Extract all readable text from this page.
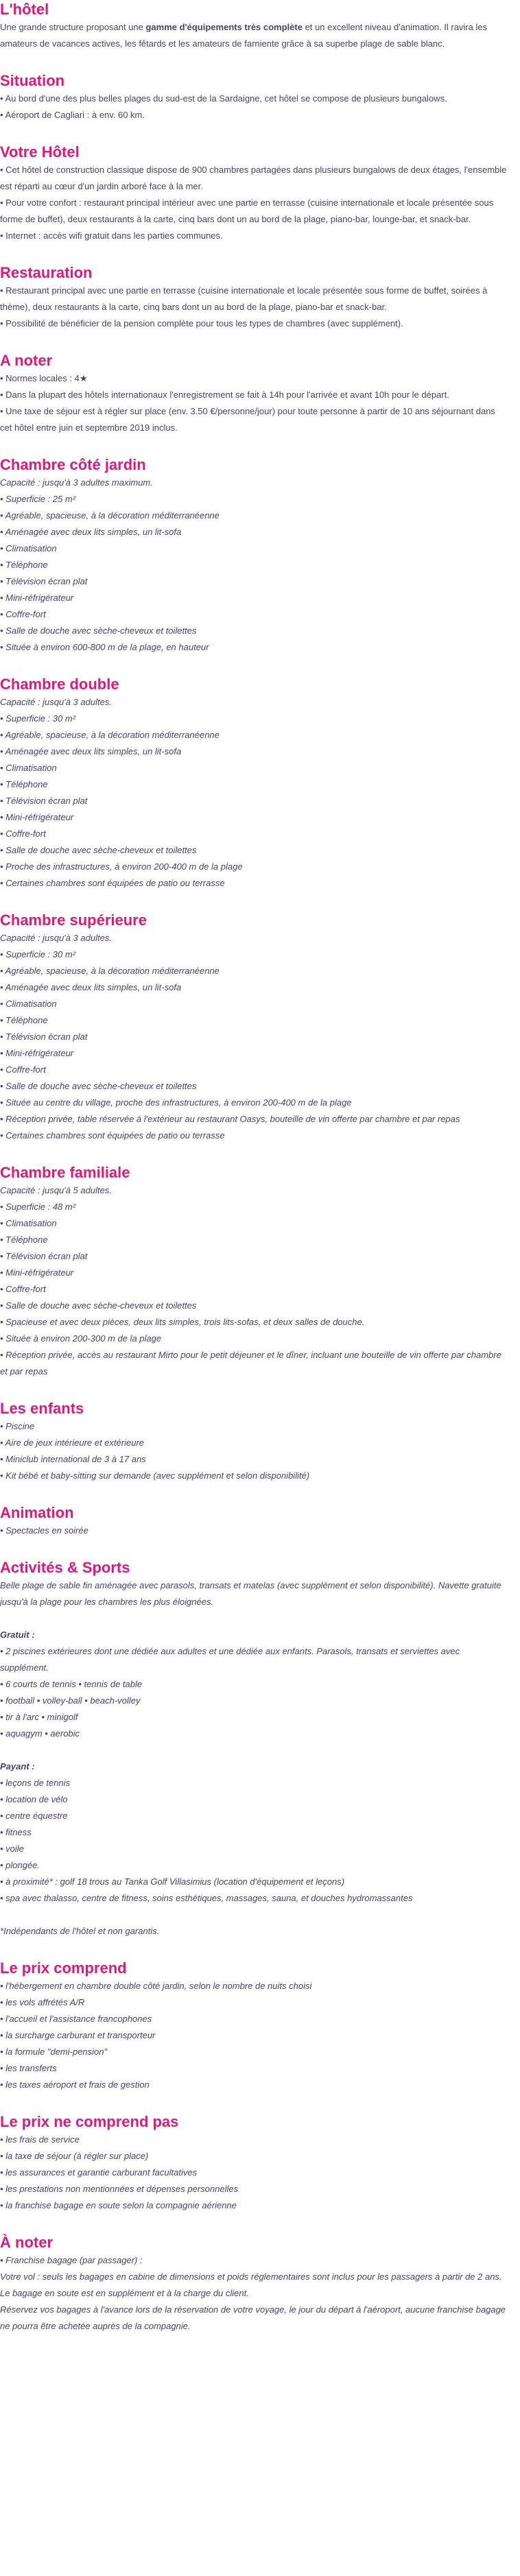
L'hôtel

Une grande structure proposant une gamme d'équipements très complète et un excellent niveau d'animation. Il ravira les amateurs de vacances actives, les fêtards et les amateurs de farniente grâce à sa superbe plage de sable blanc.

Situation
• Au bord d'une des plus belles plages du sud-est de la Sardaigne, cet hôtel se compose de plusieurs bungalows.
• Aéroport de Cagliari : à env. 60 km.
Votre Hôtel
• Cet hôtel de construction classique dispose de 900 chambres partagées dans plusieurs bungalows de deux étages, l'ensemble est réparti au cœur d'un jardin arboré face à la mer.
• Pour votre confort : restaurant principal intérieur avec une partie en terrasse (cuisine internationale et locale présentée sous forme de buffet), deux restaurants à la carte, cinq bars dont un au bord de la plage, piano-bar, lounge-bar, et snack-bar.
• Internet : accès wifi gratuit dans les parties communes.
Restauration
• Restaurant principal avec une partie en terrasse (cuisine internationale et locale présentée sous forme de buffet, soirées à thème), deux restaurants à la carte, cinq bars dont un au bord de la plage, piano-bar et snack-bar.
• Possibilité de bénéficier de la pension complète pour tous les types de chambres (avec supplément).
A noter
• Normes locales : 4★
• Dans la plupart des hôtels internationaux l'enregistrement se fait à 14h pour l'arrivée et avant 10h pour le départ.
• Une taxe de séjour est à régler sur place (env. 3.50 €/personne/jour) pour toute personne à partir de 10 ans séjournant dans cet hôtel entre juin et septembre 2019 inclus.
Chambre côté jardin
Capacité : jusqu'à 3 adultes maximum.
• Superficie : 25 m²
• Agréable, spacieuse, à la décoration méditerranéenne
• Aménagée avec deux lits simples, un lit-sofa
• Climatisation
• Téléphone
• Télévision écran plat
• Mini-réfrigérateur
• Coffre-fort
• Salle de douche avec sèche-cheveux et toilettes
• Située à environ 600-800 m de la plage, en hauteur
Chambre double
Capacité : jusqu'à 3 adultes.
• Superficie : 30 m²
• Agréable, spacieuse, à la décoration méditerranéenne
• Aménagée avec deux lits simples, un lit-sofa
• Climatisation
• Téléphone
• Télévision écran plat
• Mini-réfrigérateur
• Coffre-fort
• Salle de douche avec sèche-cheveux et toilettes
• Proche des infrastructures, à environ 200-400 m de la plage
• Certaines chambres sont équipées de patio ou terrasse
Chambre supérieure
Capacité : jusqu'à 3 adultes.
• Superficie : 30 m²
• Agréable, spacieuse, à la décoration méditerranéenne
• Aménagée avec deux lits simples, un lit-sofa
• Climatisation
• Téléphone
• Télévision écran plat
• Mini-réfrigérateur
• Coffre-fort
• Salle de douche avec sèche-cheveux et toilettes
• Située au centre du village, proche des infrastructures, à environ 200-400 m de la plage
• Réception privée, table réservée à l'extérieur au restaurant Oasys, bouteille de vin offerte par chambre et par repas
• Certaines chambres sont équipées de patio ou terrasse
Chambre familiale
Capacité : jusqu'à 5 adultes.
• Superficie : 48 m²
• Climatisation
• Téléphone
• Télévision écran plat
• Mini-réfrigérateur
• Coffre-fort
• Salle de douche avec sèche-cheveux et toilettes
• Spacieuse et avec deux pièces, deux lits simples, trois lits-sofas, et deux salles de douche.
• Située à environ 200-300 m de la plage
• Réception privée, accès au restaurant Mirto pour le petit déjeuner et le dîner, incluant une bouteille de vin offerte par chambre et par repas
Les enfants
• Piscine
• Aire de jeux intérieure et extérieure
• Miniclub international de 3 à 17 ans
• Kit bébé et baby-sitting sur demande (avec supplément et selon disponibilité)
Animation
• Spectacles en soirée
Activités & Sports
Belle plage de sable fin aménagée avec parasols, transats et matelas (avec supplément et selon disponibilité). Navette gratuite jusqu'à la plage pour les chambres les plus éloignées.
Gratuit :
• 2 piscines extérieures dont une dédiée aux adultes et une dédiée aux enfants. Parasols, transats et serviettes avec supplément.
• 6 courts de tennis • tennis de table
• football • volley-ball • beach-volley
• tir à l'arc • minigolf
• aquagym • aerobic
Payant :
• leçons de tennis
• location de vélo
• centre équestre
• fitness
• voile
• plongée.
• à proximité* : golf 18 trous au Tanka Golf Villasimius (location d'équipement et leçons)
• spa avec thalasso, centre de fitness, soins esthétiques, massages, sauna, et douches hydromassantes
*Indépendants de l'hôtel et non garantis.
Le prix comprend
• l'hébergement en chambre double côté jardin, selon le nombre de nuits choisi
• les vols affrétés A/R
• l'accueil et l'assistance francophones
• la surcharge carburant et transporteur
• la formule "demi-pension"
• les transferts
• les taxes aéroport et frais de gestion
Le prix ne comprend pas
• les frais de service
• la taxe de séjour (à régler sur place)
• les assurances et garantie carburant facultatives
• les prestations non mentionnées et dépenses personnelles
• la franchise bagage en soute selon la compagnie aérienne
À noter
• Franchise bagage (par passager) :
Votre vol : seuls les bagages en cabine de dimensions et poids réglementaires sont inclus pour les passagers à partir de 2 ans.
Le bagage en soute est en supplément et à la charge du client.
Réservez vos bagages à l'avance lors de la réservation de votre voyage, le jour du départ à l'aéroport, aucune franchise bagage ne pourra être achetée auprès de la compagnie.
